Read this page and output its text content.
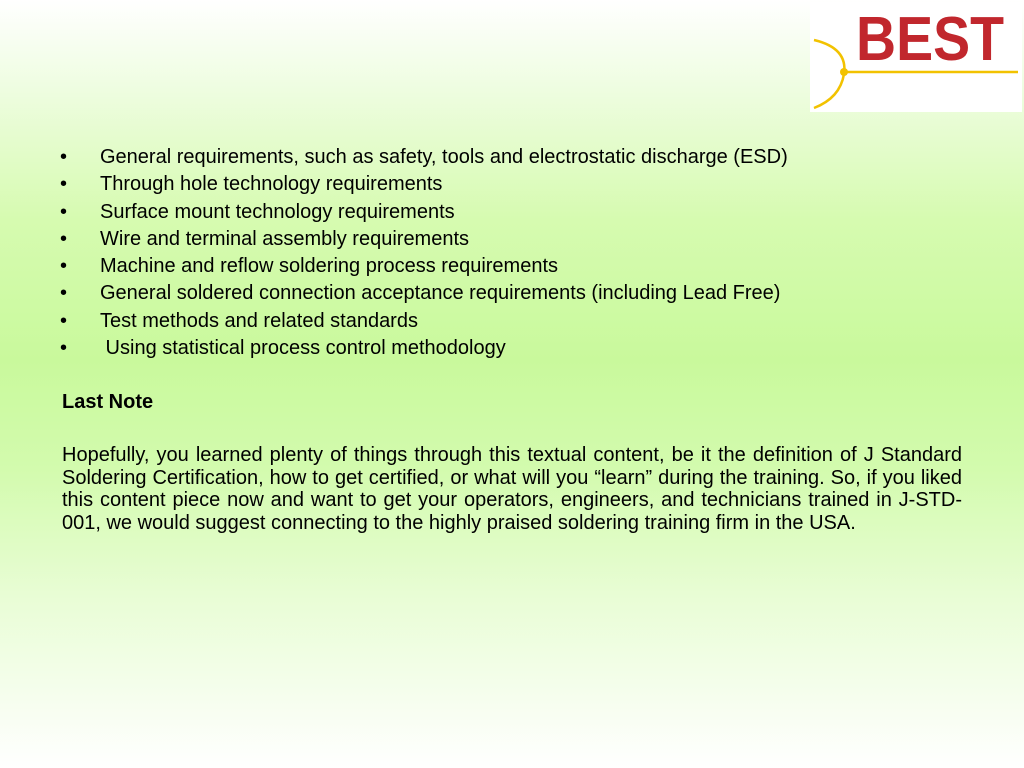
BEST
• General requirements, such as safety, tools and electrostatic discharge (ESD)
• Through hole technology requirements
• Surface mount technology requirements
• Wire and terminal assembly requirements
• Machine and reflow soldering process requirements
• General soldered connection acceptance requirements (including Lead Free)
• Test methods and related standards
• Using statistical process control methodology
Last Note

Hopefully, you learned plenty of things through this textual content, be it the definition of J Standard Soldering Certification, how to get certified, or what will you “learn” during the training. So, if you liked this content piece now and want to get your operators, engineers, and technicians trained in J-STD-001, we would suggest connecting to the highly praised soldering training firm in the USA.
